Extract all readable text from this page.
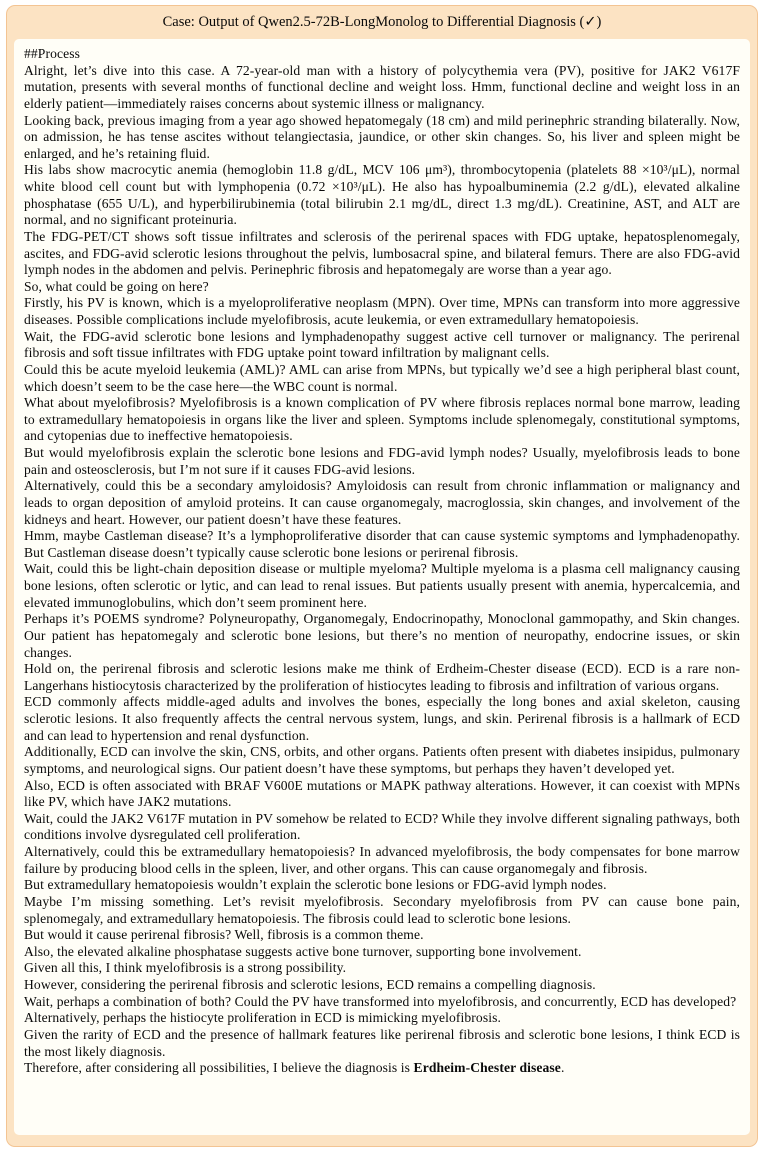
Case: Output of Qwen2.5-72B-LongMonolog to Differential Diagnosis (✓)

##Process

Alright, let’s dive into this case. A 72-year-old man with a history of polycythemia vera (PV), positive for JAK2 V617F mutation, presents with several months of functional decline and weight loss. Hmm, functional decline and weight loss in an elderly patient—immediately raises concerns about systemic illness or malignancy.

Looking back, previous imaging from a year ago showed hepatomegaly (18 cm) and mild perinephric stranding bilaterally. Now, on admission, he has tense ascites without telangiectasia, jaundice, or other skin changes. So, his liver and spleen might be enlarged, and he’s retaining fluid.

His labs show macrocytic anemia (hemoglobin 11.8 g/dL, MCV 106 μm³), thrombocytopenia (platelets 88 ×10³/μL), normal white blood cell count but with lymphopenia (0.72 ×10³/μL). He also has hypoalbuminemia (2.2 g/dL), elevated alkaline phosphatase (655 U/L), and hyperbilirubinemia (total bilirubin 2.1 mg/dL, direct 1.3 mg/dL). Creatinine, AST, and ALT are normal, and no significant proteinuria.

The FDG-PET/CT shows soft tissue infiltrates and sclerosis of the perirenal spaces with FDG uptake, hepatosplenomegaly, ascites, and FDG-avid sclerotic lesions throughout the pelvis, lumbosacral spine, and bilateral femurs. There are also FDG-avid lymph nodes in the abdomen and pelvis. Perinephric fibrosis and hepatomegaly are worse than a year ago.

So, what could be going on here?

Firstly, his PV is known, which is a myeloproliferative neoplasm (MPN). Over time, MPNs can transform into more aggressive diseases. Possible complications include myelofibrosis, acute leukemia, or even extramedullary hematopoiesis.

Wait, the FDG-avid sclerotic bone lesions and lymphadenopathy suggest active cell turnover or malignancy. The perirenal fibrosis and soft tissue infiltrates with FDG uptake point toward infiltration by malignant cells.

Could this be acute myeloid leukemia (AML)? AML can arise from MPNs, but typically we’d see a high peripheral blast count, which doesn’t seem to be the case here—the WBC count is normal.

What about myelofibrosis? Myelofibrosis is a known complication of PV where fibrosis replaces normal bone marrow, leading to extramedullary hematopoiesis in organs like the liver and spleen. Symptoms include splenomegaly, constitutional symptoms, and cytopenias due to ineffective hematopoiesis.

But would myelofibrosis explain the sclerotic bone lesions and FDG-avid lymph nodes? Usually, myelofibrosis leads to bone pain and osteosclerosis, but I’m not sure if it causes FDG-avid lesions.

Alternatively, could this be a secondary amyloidosis? Amyloidosis can result from chronic inflammation or malignancy and leads to organ deposition of amyloid proteins. It can cause organomegaly, macroglossia, skin changes, and involvement of the kidneys and heart. However, our patient doesn’t have these features.

Hmm, maybe Castleman disease? It’s a lymphoproliferative disorder that can cause systemic symptoms and lymphadenopathy. But Castleman disease doesn’t typically cause sclerotic bone lesions or perirenal fibrosis.

Wait, could this be light-chain deposition disease or multiple myeloma? Multiple myeloma is a plasma cell malignancy causing bone lesions, often sclerotic or lytic, and can lead to renal issues. But patients usually present with anemia, hypercalcemia, and elevated immunoglobulins, which don’t seem prominent here.

Perhaps it’s POEMS syndrome? Polyneuropathy, Organomegaly, Endocrinopathy, Monoclonal gammopathy, and Skin changes. Our patient has hepatomegaly and sclerotic bone lesions, but there’s no mention of neuropathy, endocrine issues, or skin changes.

Hold on, the perirenal fibrosis and sclerotic lesions make me think of Erdheim-Chester disease (ECD). ECD is a rare non-Langerhans histiocytosis characterized by the proliferation of histiocytes leading to fibrosis and infiltration of various organs.

ECD commonly affects middle-aged adults and involves the bones, especially the long bones and axial skeleton, causing sclerotic lesions. It also frequently affects the central nervous system, lungs, and skin. Perirenal fibrosis is a hallmark of ECD and can lead to hypertension and renal dysfunction.

Additionally, ECD can involve the skin, CNS, orbits, and other organs. Patients often present with diabetes insipidus, pulmonary symptoms, and neurological signs. Our patient doesn’t have these symptoms, but perhaps they haven’t developed yet.

Also, ECD is often associated with BRAF V600E mutations or MAPK pathway alterations. However, it can coexist with MPNs like PV, which have JAK2 mutations.

Wait, could the JAK2 V617F mutation in PV somehow be related to ECD? While they involve different signaling pathways, both conditions involve dysregulated cell proliferation.

Alternatively, could this be extramedullary hematopoiesis? In advanced myelofibrosis, the body compensates for bone marrow failure by producing blood cells in the spleen, liver, and other organs. This can cause organomegaly and fibrosis.

But extramedullary hematopoiesis wouldn’t explain the sclerotic bone lesions or FDG-avid lymph nodes.

Maybe I’m missing something. Let’s revisit myelofibrosis. Secondary myelofibrosis from PV can cause bone pain, splenomegaly, and extramedullary hematopoiesis. The fibrosis could lead to sclerotic bone lesions.

But would it cause perirenal fibrosis? Well, fibrosis is a common theme.

Also, the elevated alkaline phosphatase suggests active bone turnover, supporting bone involvement.

Given all this, I think myelofibrosis is a strong possibility.

However, considering the perirenal fibrosis and sclerotic lesions, ECD remains a compelling diagnosis.

Wait, perhaps a combination of both? Could the PV have transformed into myelofibrosis, and concurrently, ECD has developed?

Alternatively, perhaps the histiocyte proliferation in ECD is mimicking myelofibrosis.

Given the rarity of ECD and the presence of hallmark features like perirenal fibrosis and sclerotic bone lesions, I think ECD is the most likely diagnosis.

Therefore, after considering all possibilities, I believe the diagnosis is Erdheim-Chester disease.
